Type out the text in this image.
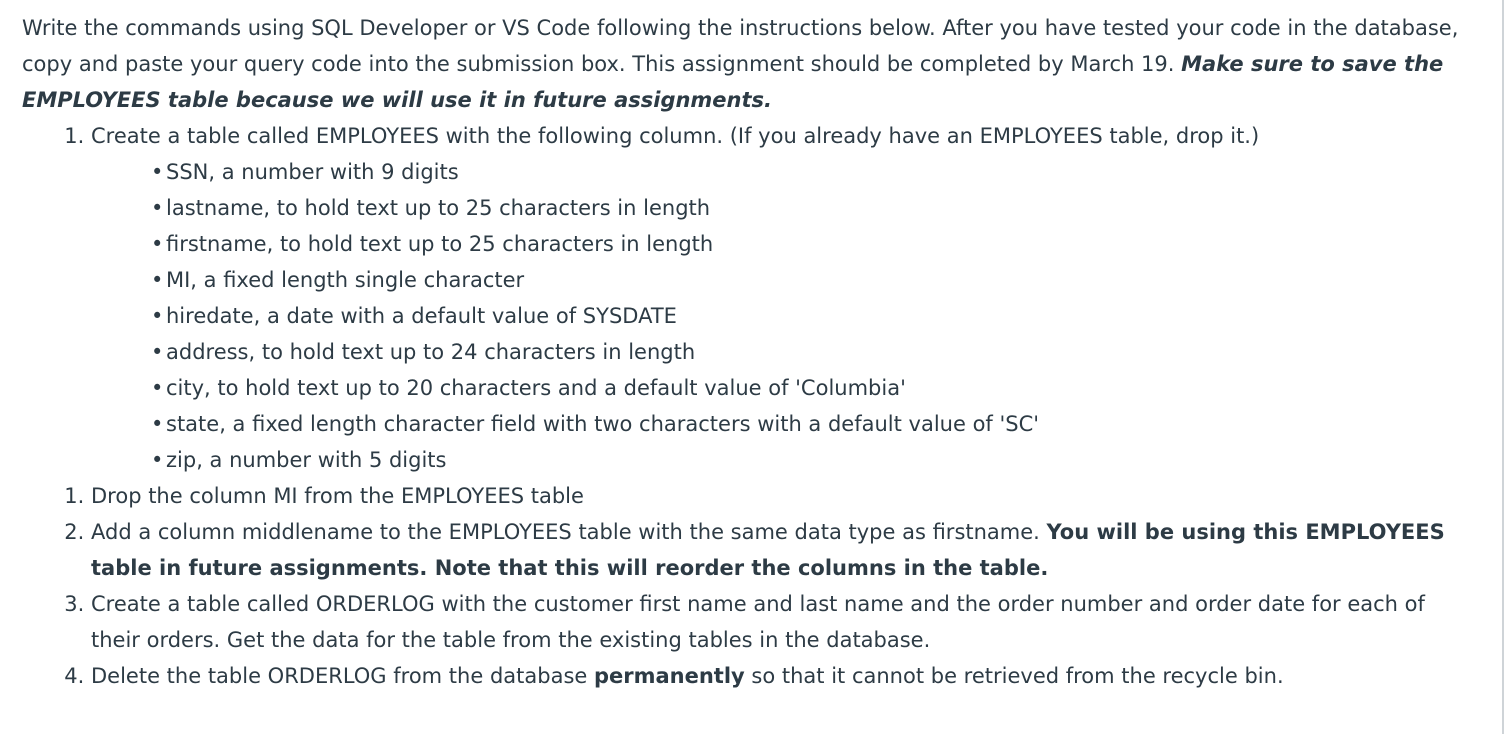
Write the commands using SQL Developer or VS Code following the instructions below. After you have tested your code in the database, copy and paste your query code into the submission box. This assignment should be completed by March 19. Make sure to save the EMPLOYEES table because we will use it in future assignments.

1. Create a table called EMPLOYEES with the following column. (If you already have an EMPLOYEES table, drop it.)
• SSN, a number with 9 digits
• lastname, to hold text up to 25 characters in length
• firstname, to hold text up to 25 characters in length
• MI, a fixed length single character
• hiredate, a date with a default value of SYSDATE
• address, to hold text up to 24 characters in length
• city, to hold text up to 20 characters and a default value of 'Columbia'
• state, a fixed length character field with two characters with a default value of 'SC'
• zip, a number with 5 digits
1. Drop the column MI from the EMPLOYEES table
2. Add a column middlename to the EMPLOYEES table with the same data type as firstname. You will be using this EMPLOYEES table in future assignments. Note that this will reorder the columns in the table.
3. Create a table called ORDERLOG with the customer first name and last name and the order number and order date for each of their orders. Get the data for the table from the existing tables in the database.
4. Delete the table ORDERLOG from the database permanently so that it cannot be retrieved from the recycle bin.
